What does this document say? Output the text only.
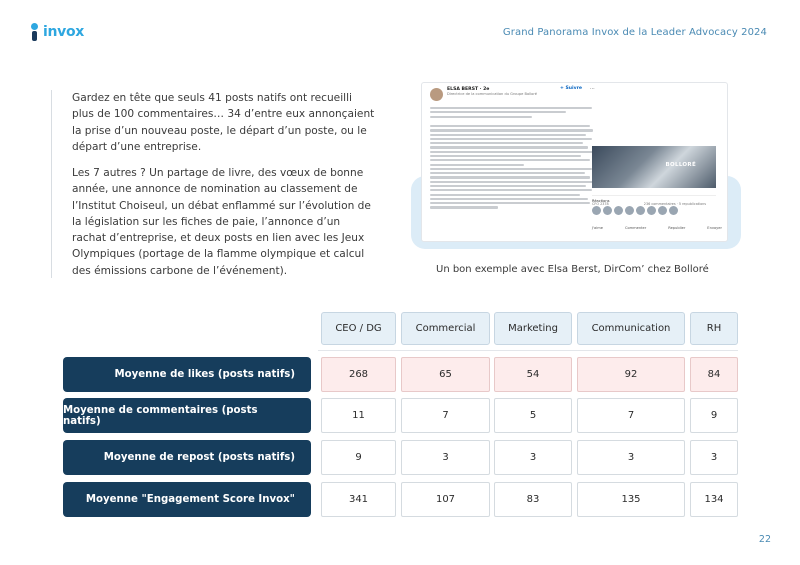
invox	Grand Panorama Invox de la Leader Advocacy 2024

Gardez en tête que seuls 41 posts natifs ont recueilli plus de 100 commentaires… 34 d’entre eux annonçaient la prise d’un nouveau poste, le départ d’un poste, ou le départ d’une entreprise.

Les 7 autres ? Un partage de livre, des vœux de bonne année, une annonce de nomination au classement de l’Institut Choiseul, un débat enflammé sur l’évolution de la législation sur les fiches de paie, l’annonce d’un rachat d’entreprise, et deux posts en lien avec les Jeux Olympiques (portage de la flamme olympique et calcul des émissions carbone de l’événement).

ELSA BERST · 2e
Directrice de la communication du Groupe Bolloré
+ Suivre ···
BOLLORÉ
CFO 2378	236 commentaires · 5 republications
Réactions
J'aime	Commenter	Republier	Envoyer
Un bon exemple avec Elsa Berst, DirCom’ chez Bolloré
CEO / DG	Commercial	Marketing	Communication	RH
Moyenne de likes (posts natifs)	268	65	54	92	84
Moyenne de commentaires (posts natifs)	11	7	5	7	9
Moyenne de repost (posts natifs)	9	3	3	3	3
Moyenne "Engagement Score Invox"	341	107	83	135	134
22
